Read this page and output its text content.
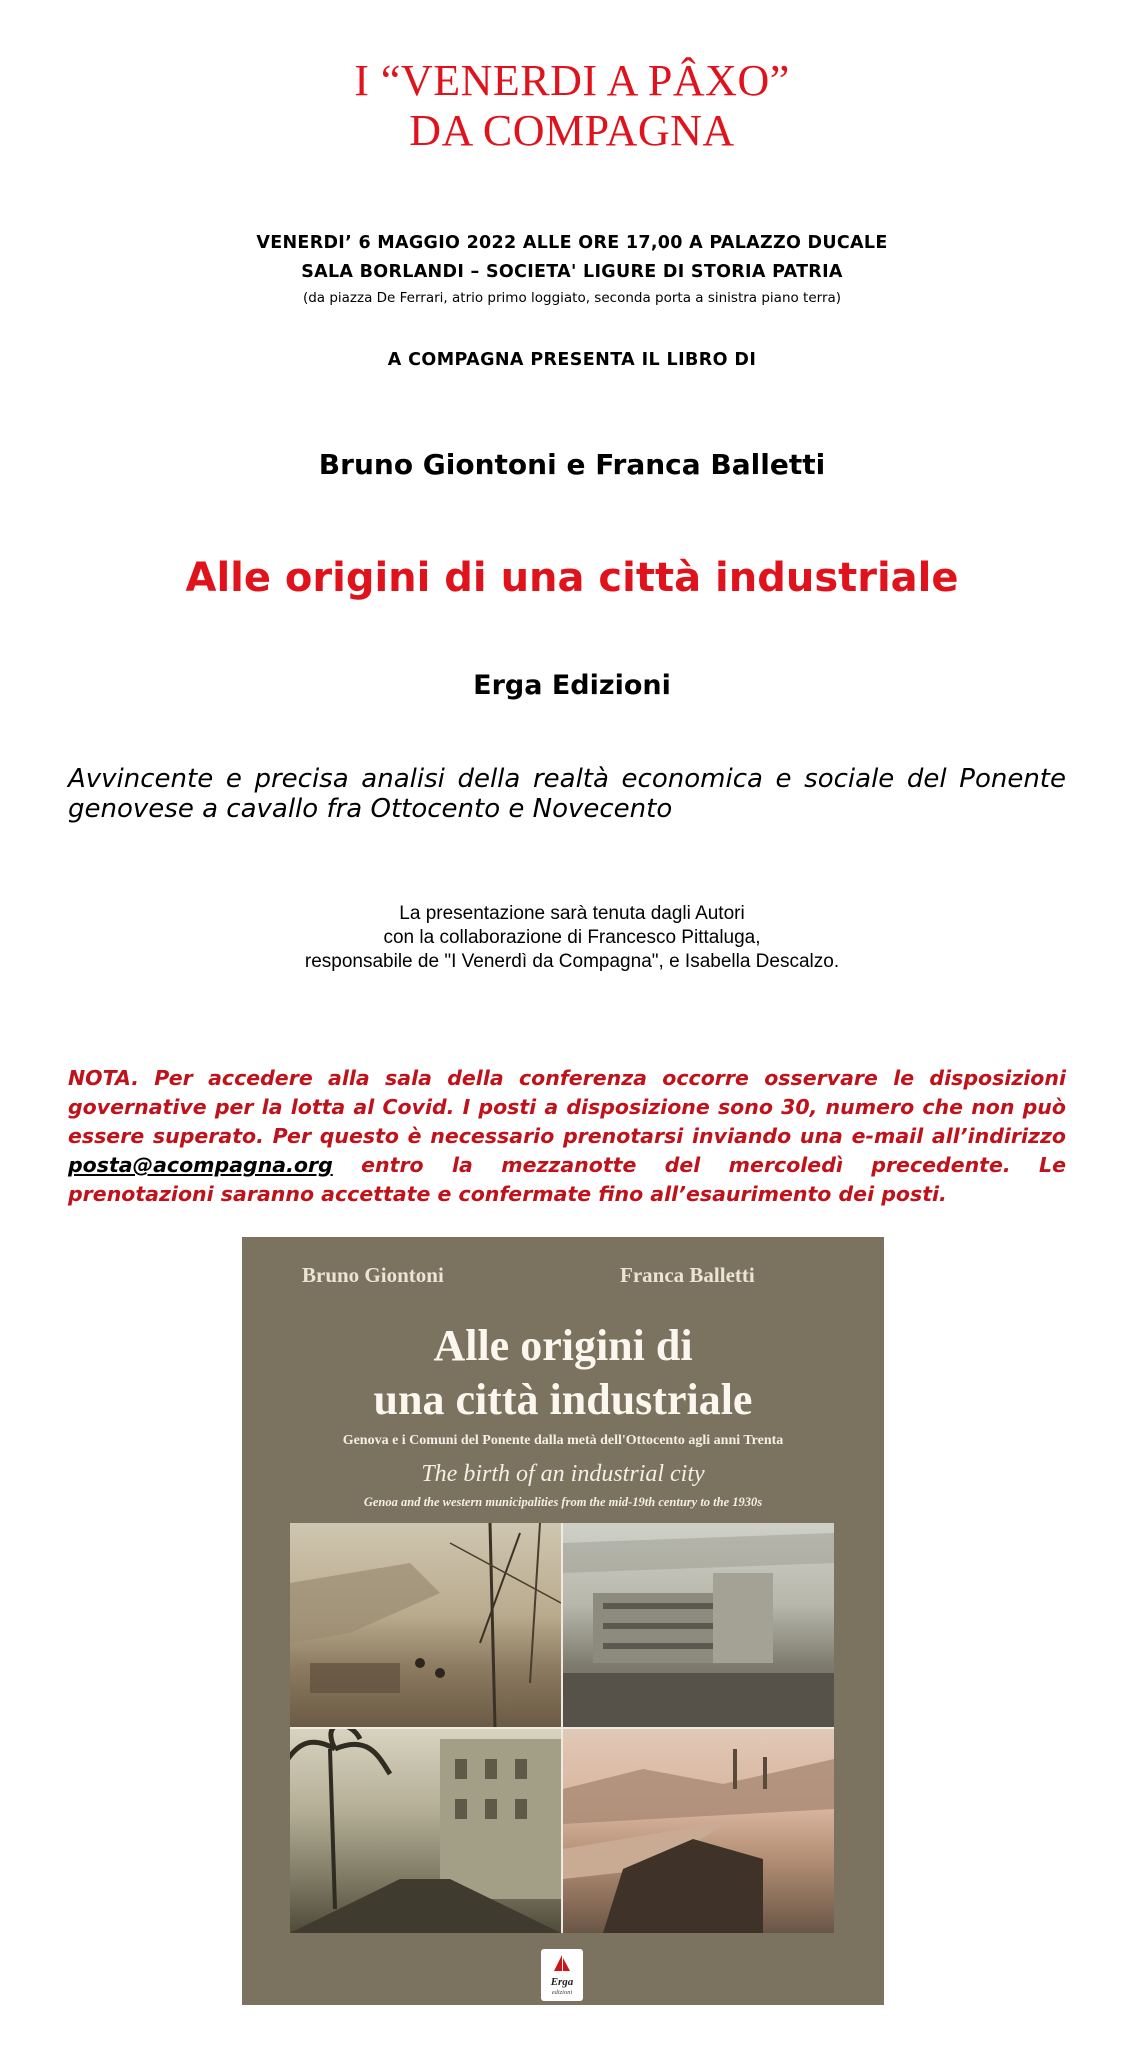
I “VENERDI A PÂXO”
DA COMPAGNA
VENERDI’ 6 MAGGIO 2022 ALLE ORE 17,00 A PALAZZO DUCALE
SALA BORLANDI – SOCIETA' LIGURE DI STORIA PATRIA
(da piazza De Ferrari, atrio primo loggiato, seconda porta a sinistra piano terra)
A COMPAGNA PRESENTA IL LIBRO DI
Bruno Giontoni e Franca Balletti
Alle origini di una città industriale
Erga Edizioni
Avvincente e precisa analisi della realtà economica e sociale del Ponente genovese a cavallo fra Ottocento e Novecento
La presentazione sarà tenuta dagli Autori
con la collaborazione di Francesco Pittaluga,
responsabile de "I Venerdì da Compagna", e Isabella Descalzo.
NOTA. Per accedere alla sala della conferenza occorre osservare le disposizioni governative per la lotta al Covid. I posti a disposizione sono 30, numero che non può essere superato. Per questo è necessario prenotarsi inviando una e-mail all’indirizzo posta@acompagna.org entro la mezzanotte del mercoledì precedente. Le prenotazioni saranno accettate e confermate fino all’esaurimento dei posti.
Bruno Giontoni	Franca Balletti
Alle origini di
una città industriale
Genova e i Comuni del Ponente dalla metà dell'Ottocento agli anni Trenta
The birth of an industrial city
Genoa and the western municipalities from the mid-19th century to the 1930s
Erga
edizioni
